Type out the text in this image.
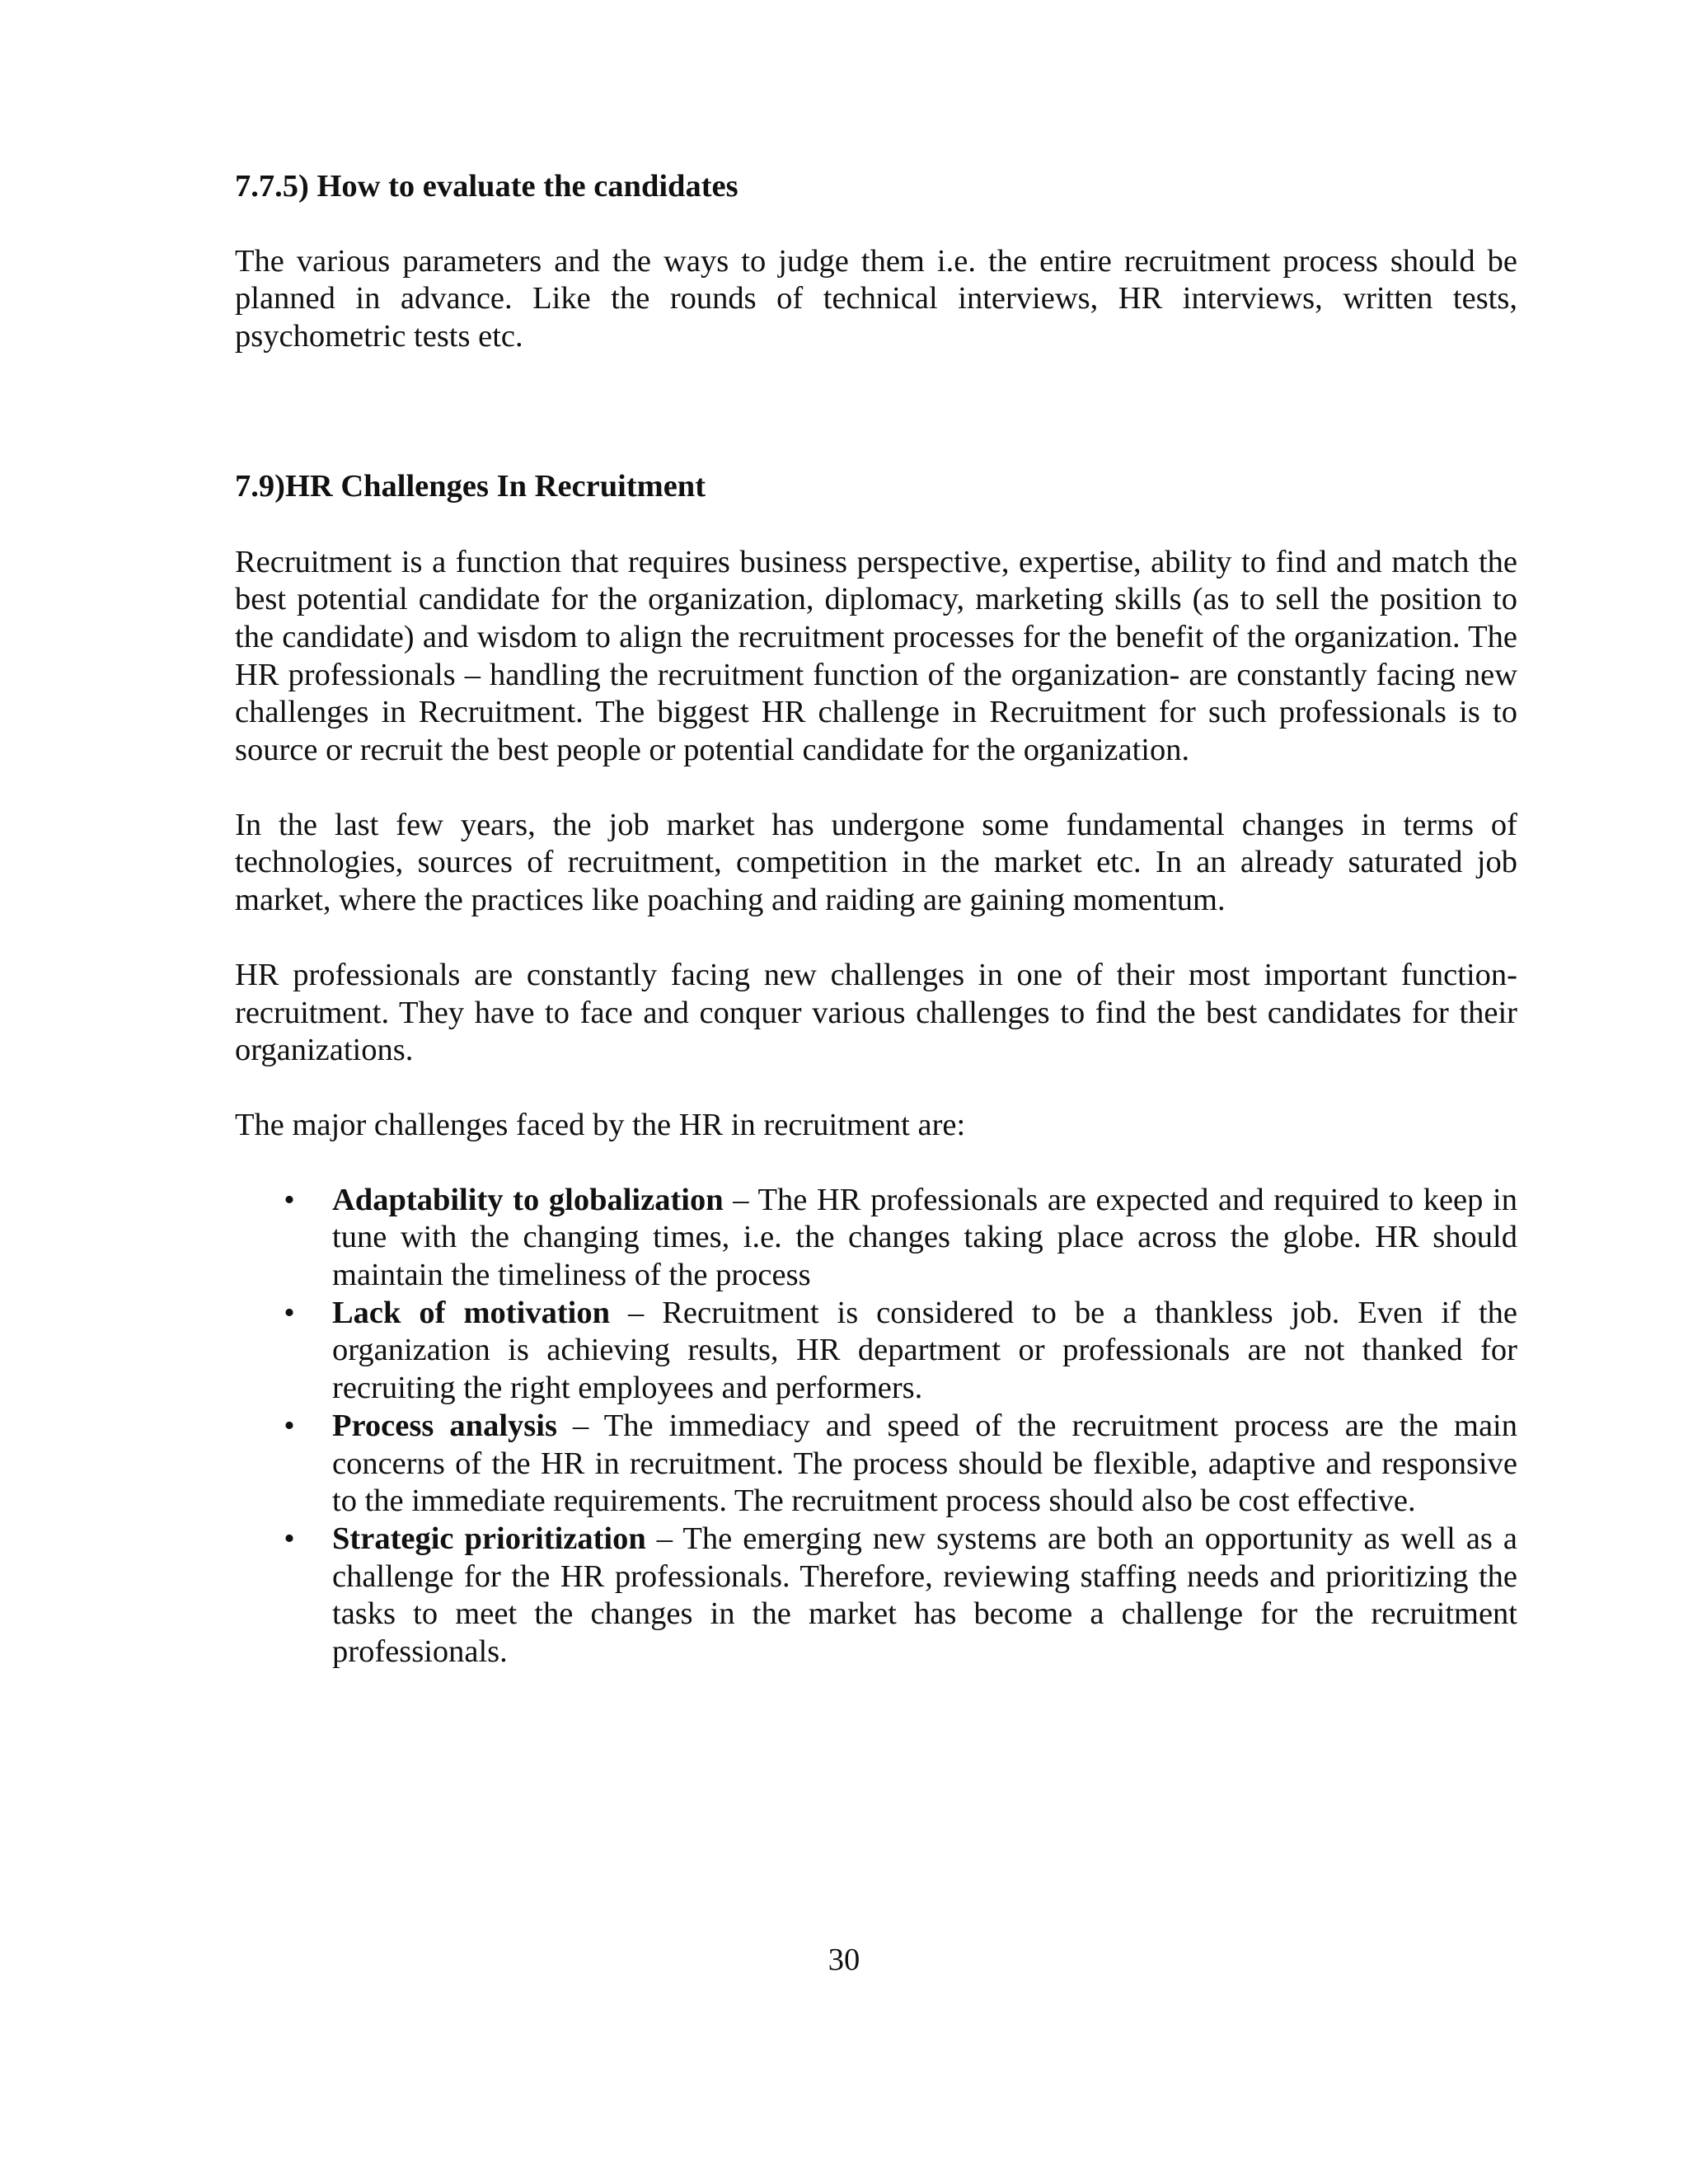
7.7.5) How to evaluate the candidates

The various parameters and the ways to judge them i.e. the entire recruitment process should be planned in advance. Like the rounds of technical interviews, HR interviews, written tests, psychometric tests etc.

7.9)HR Challenges In Recruitment

Recruitment is a function that requires business perspective, expertise, ability to find and match the best potential candidate for the organization, diplomacy, marketing skills (as to sell the position to the candidate) and wisdom to align the recruitment processes for the benefit of the organization. The HR professionals – handling the recruitment function of the organization- are constantly facing new challenges in Recruitment. The biggest HR challenge in Recruitment for such professionals is to source or recruit the best people or potential candidate for the organization.

In the last few years, the job market has undergone some fundamental changes in terms of technologies, sources of recruitment, competition in the market etc. In an already saturated job market, where the practices like poaching and raiding are gaining momentum.

HR professionals are constantly facing new challenges in one of their most important function-recruitment. They have to face and conquer various challenges to find the best candidates for their organizations.

The major challenges faced by the HR in recruitment are:

• Adaptability to globalization – The HR professionals are expected and required to keep in tune with the changing times, i.e. the changes taking place across the globe. HR should maintain the timeliness of the process
• Lack of motivation – Recruitment is considered to be a thankless job. Even if the organization is achieving results, HR department or professionals are not thanked for recruiting the right employees and performers.
• Process analysis – The immediacy and speed of the recruitment process are the main concerns of the HR in recruitment. The process should be flexible, adaptive and responsive to the immediate requirements. The recruitment process should also be cost effective.
• Strategic prioritization – The emerging new systems are both an opportunity as well as a challenge for the HR professionals. Therefore, reviewing staffing needs and prioritizing the tasks to meet the changes in the market has become a challenge for the recruitment professionals.
30
